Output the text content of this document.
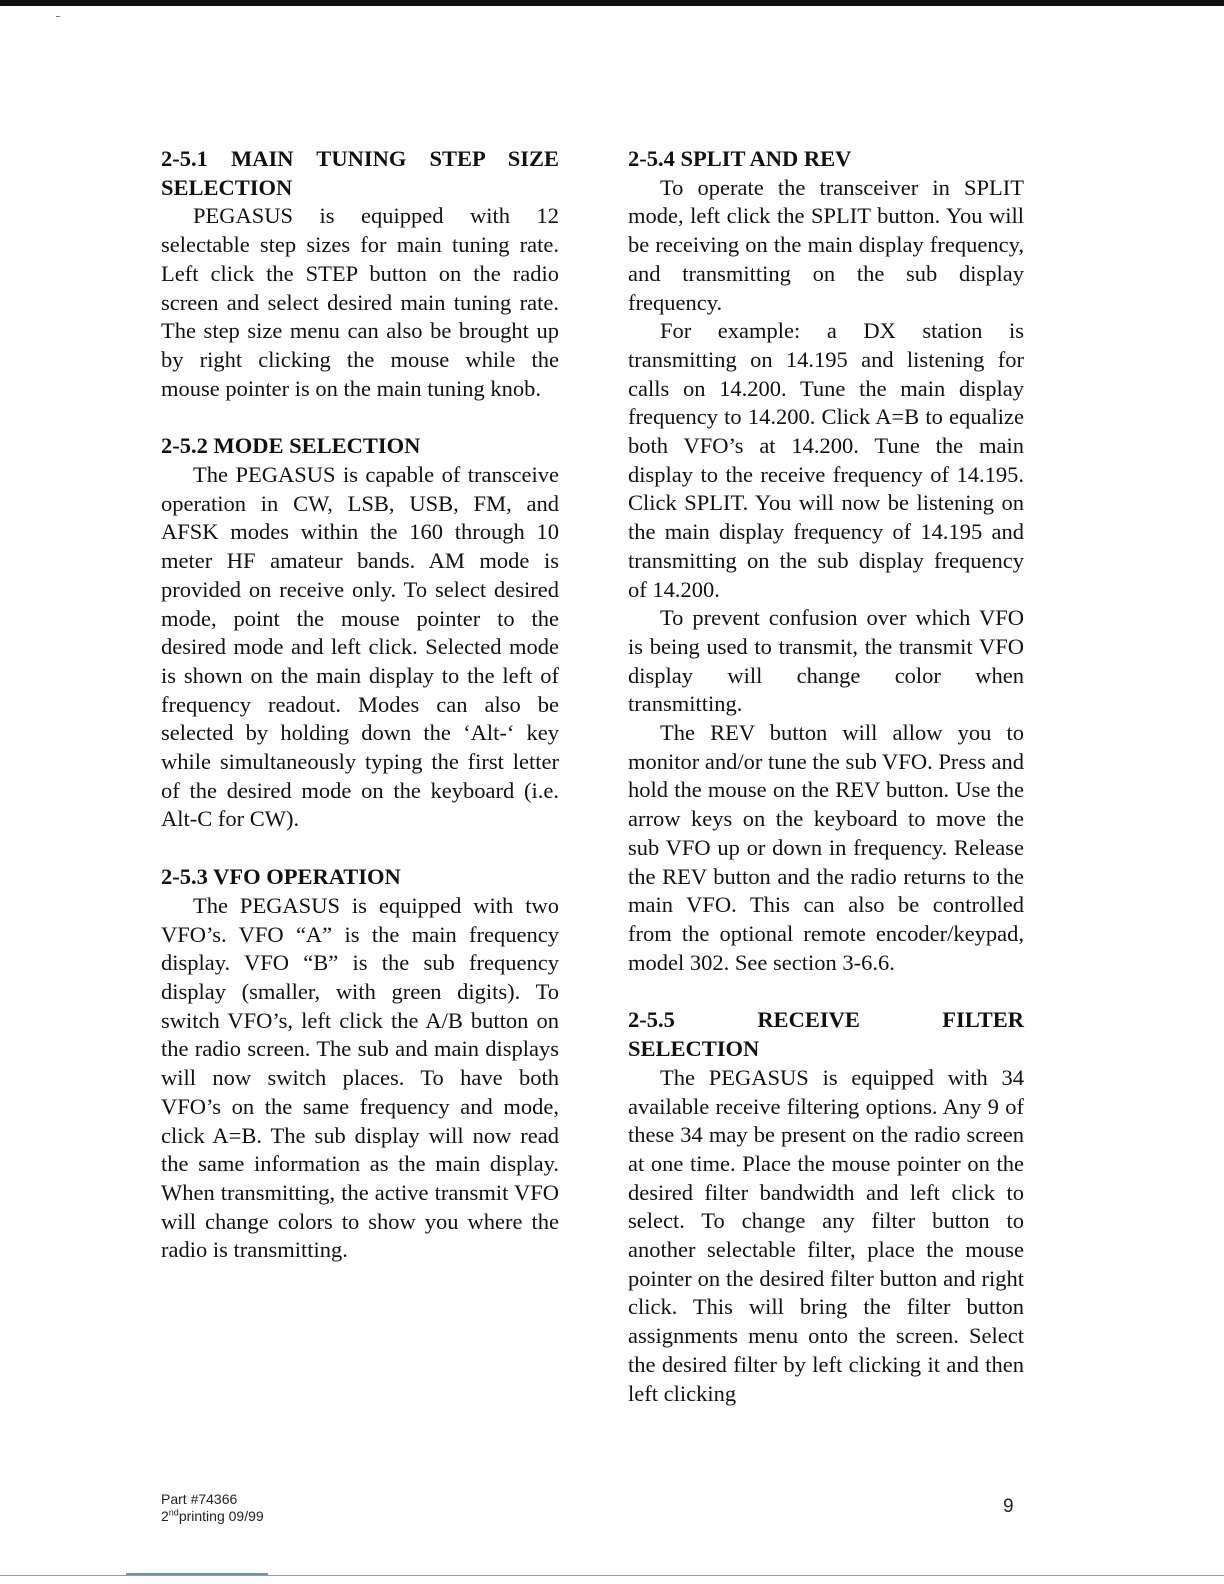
2-5.1 MAIN TUNING STEP SIZE
SELECTION

PEGASUS is equipped with 12 selectable step sizes for main tuning rate. Left click the STEP button on the radio screen and select desired main tuning rate. The step size menu can also be brought up by right clicking the mouse while the mouse pointer is on the main tuning knob.

2-5.2 MODE SELECTION

The PEGASUS is capable of transceive operation in CW, LSB, USB, FM, and AFSK modes within the 160 through 10 meter HF amateur bands. AM mode is provided on receive only. To select desired mode, point the mouse pointer to the desired mode and left click. Selected mode is shown on the main display to the left of frequency readout. Modes can also be selected by holding down the ‘Alt-‘ key while simultaneously typing the first letter of the desired mode on the keyboard (i.e. Alt-C for CW).

2-5.3 VFO OPERATION

The PEGASUS is equipped with two VFO’s. VFO “A” is the main frequency display. VFO “B” is the sub frequency display (smaller, with green digits). To switch VFO’s, left click the A/B button on the radio screen. The sub and main displays will now switch places. To have both VFO’s on the same frequency and mode, click A=B. The sub display will now read the same information as the main display. When transmitting, the active transmit VFO will change colors to show you where the radio is transmitting.

2-5.4 SPLIT AND REV

To operate the transceiver in SPLIT mode, left click the SPLIT button. You will be receiving on the main display frequency, and transmitting on the sub display frequency.

For example: a DX station is transmitting on 14.195 and listening for calls on 14.200. Tune the main display frequency to 14.200. Click A=B to equalize both VFO’s at 14.200. Tune the main display to the receive frequency of 14.195. Click SPLIT. You will now be listening on the main display frequency of 14.195 and transmitting on the sub display frequency of 14.200.

To prevent confusion over which VFO is being used to transmit, the transmit VFO display will change color when transmitting.

The REV button will allow you to monitor and/or tune the sub VFO. Press and hold the mouse on the REV button. Use the arrow keys on the keyboard to move the sub VFO up or down in frequency. Release the REV button and the radio returns to the main VFO. This can also be controlled from the optional remote encoder/keypad, model 302. See section 3-6.6.

2-5.5 RECEIVE FILTER
SELECTION

The PEGASUS is equipped with 34 available receive filtering options. Any 9 of these 34 may be present on the radio screen at one time. Place the mouse pointer on the desired filter bandwidth and left click to select. To change any filter button to another selectable filter, place the mouse pointer on the desired filter button and right click. This will bring the filter button assignments menu onto the screen. Select the desired filter by left clicking it and then left clicking

Part #74366
2ndprinting 09/99	9
